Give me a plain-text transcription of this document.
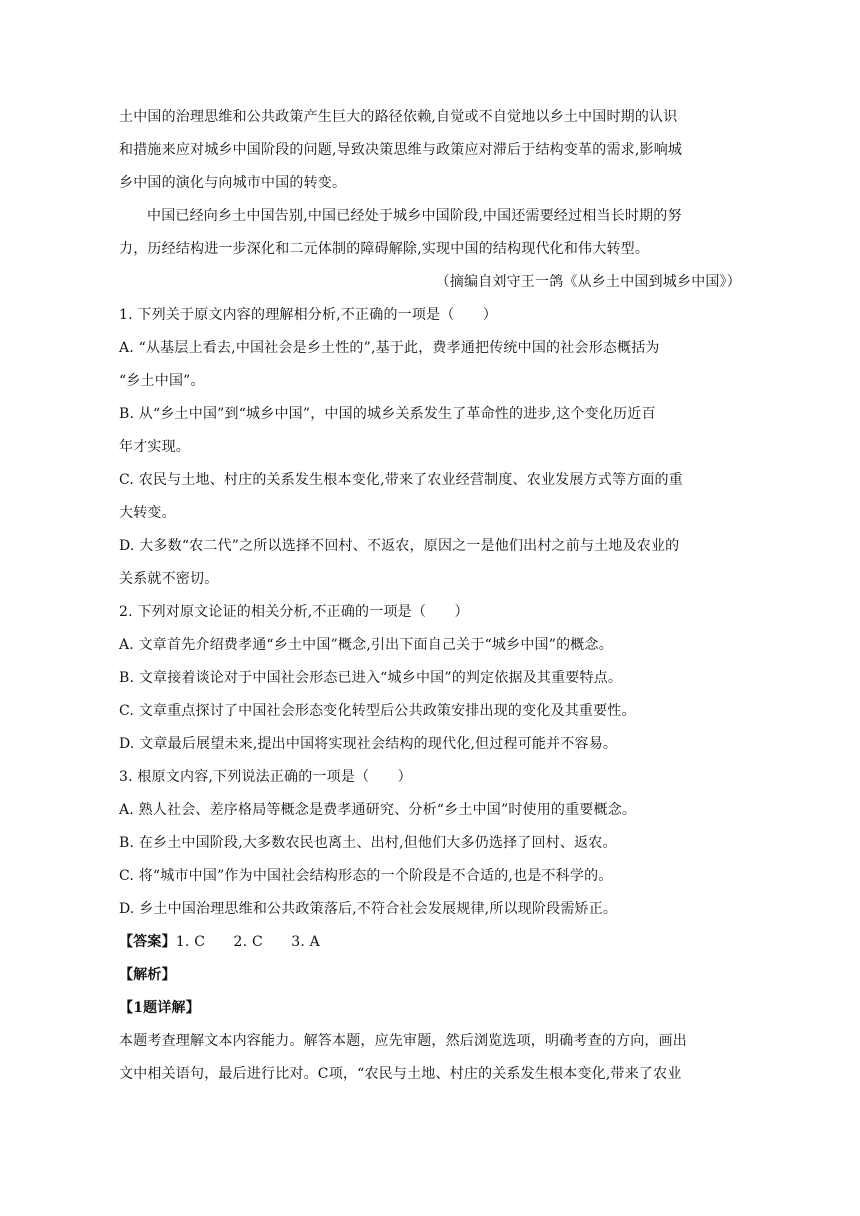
土中国的治理思维和公共政策产生巨大的路径依赖,自觉或不自觉地以乡土中国时期的认识
和措施来应对城乡中国阶段的问题,导致决策思维与政策应对滞后于结构变革的需求,影响城
乡中国的演化与向城市中国的转变。
中国已经向乡土中国告别,中国已经处于城乡中国阶段,中国还需要经过相当长时期的努
力，历经结构进一步深化和二元体制的障碍解除,实现中国的结构现代化和伟大转型。
（摘编自刘守王一鸽《从乡土中国到城乡中国》）
1. 下列关于原文内容的理解相分析,不正确的一项是（　　）
A. “从基层上看去,中国社会是乡土性的”,基于此，费孝通把传统中国的社会形态概括为
“乡土中国”。
B. 从“乡土中国”到“城乡中国”，中国的城乡关系发生了革命性的进步,这个变化历近百
年才实现。
C. 农民与土地、村庄的关系发生根本变化,带来了农业经营制度、农业发展方式等方面的重
大转变。
D. 大多数“农二代”之所以选择不回村、不返农，原因之一是他们出村之前与土地及农业的
关系就不密切。
2. 下列对原文论证的相关分析,不正确的一项是（　　）
A. 文章首先介绍费孝通“乡土中国”概念,引出下面自己关于“城乡中国”的概念。
B. 文章接着谈论对于中国社会形态已进入“城乡中国”的判定依据及其重要特点。
C. 文章重点探讨了中国社会形态变化转型后公共政策安排出现的变化及其重要性。
D. 文章最后展望未来,提出中国将实现社会结构的现代化,但过程可能并不容易。
3. 根原文内容,下列说法正确的一项是（　　）
A. 熟人社会、差序格局等概念是费孝通研究、分析“乡土中国”时使用的重要概念。
B. 在乡土中国阶段,大多数农民也离土、出村,但他们大多仍选择了回村、返农。
C. 将“城市中国”作为中国社会结构形态的一个阶段是不合适的,也是不科学的。
D. 乡土中国治理思维和公共政策落后,不符合社会发展规律,所以现阶段需矫正。
【答案】1. C　　2. C　　3. A
【解析】
【1题详解】
本题考查理解文本内容能力。解答本题，应先审题，然后浏览选项，明确考查的方向，画出
文中相关语句，最后进行比对。C项，“农民与土地、村庄的关系发生根本变化,带来了农业
